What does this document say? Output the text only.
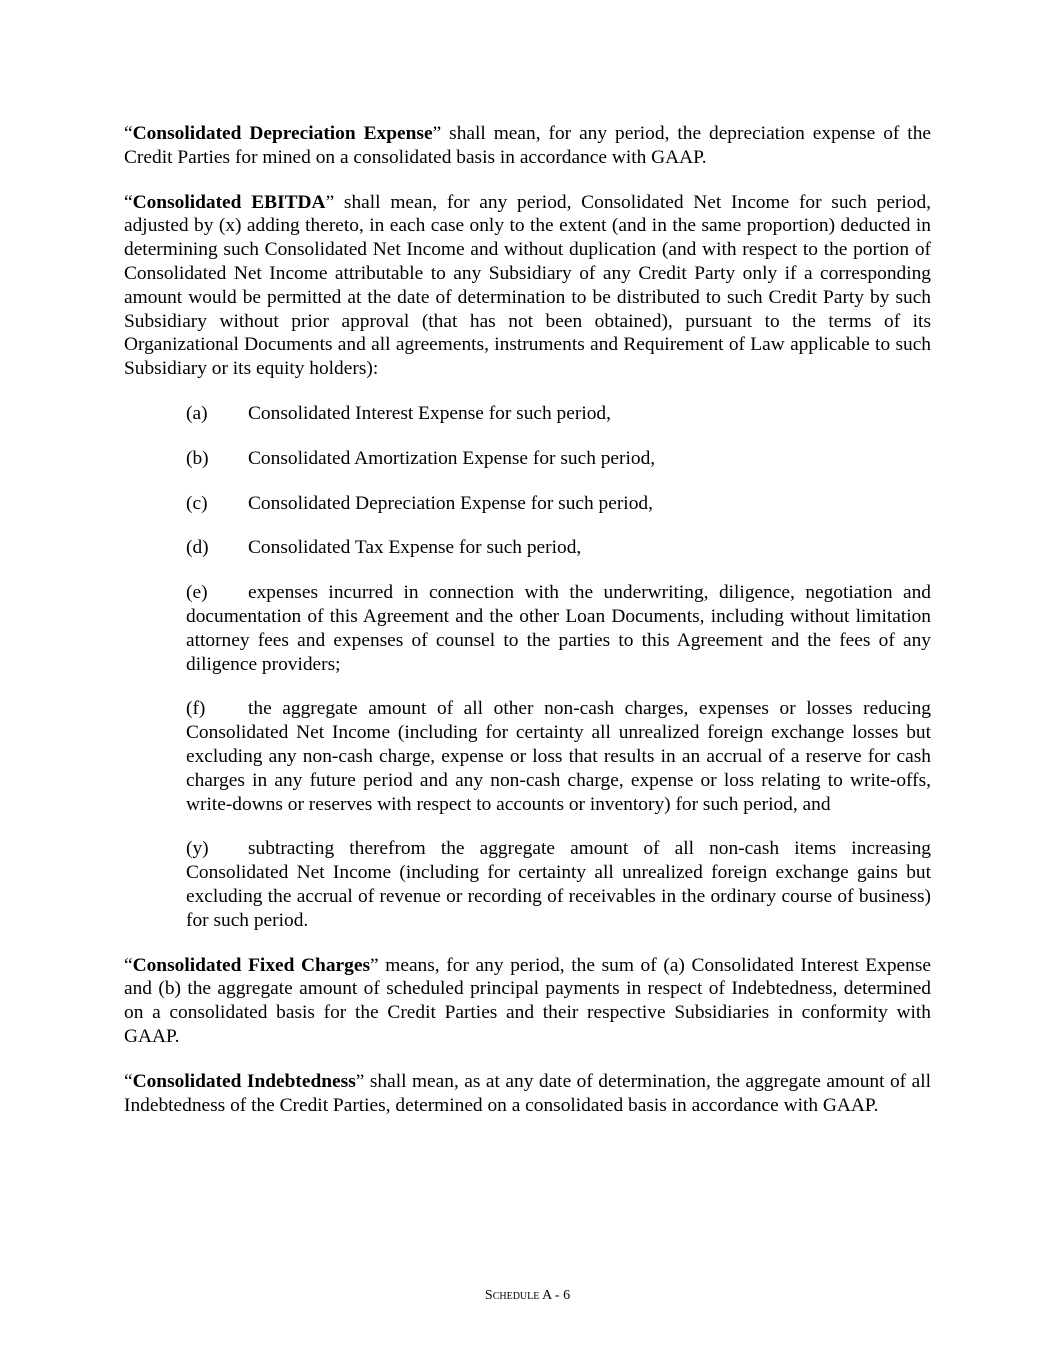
“Consolidated Depreciation Expense” shall mean, for any period, the depreciation expense of the Credit Parties for mined on a consolidated basis in accordance with GAAP.

“Consolidated EBITDA” shall mean, for any period, Consolidated Net Income for such period, adjusted by (x) adding thereto, in each case only to the extent (and in the same proportion) deducted in determining such Consolidated Net Income and without duplication (and with respect to the portion of Consolidated Net Income attributable to any Subsidiary of any Credit Party only if a corresponding amount would be permitted at the date of determination to be distributed to such Credit Party by such Subsidiary without prior approval (that has not been obtained), pursuant to the terms of its Organizational Documents and all agreements, instruments and Requirement of Law applicable to such Subsidiary or its equity holders):

(a) Consolidated Interest Expense for such period,

(b) Consolidated Amortization Expense for such period,

(c) Consolidated Depreciation Expense for such period,

(d) Consolidated Tax Expense for such period,

(e) expenses incurred in connection with the underwriting, diligence, negotiation and documentation of this Agreement and the other Loan Documents, including without limitation attorney fees and expenses of counsel to the parties to this Agreement and the fees of any diligence providers;

(f) the aggregate amount of all other non-cash charges, expenses or losses reducing Consolidated Net Income (including for certainty all unrealized foreign exchange losses but excluding any non-cash charge, expense or loss that results in an accrual of a reserve for cash charges in any future period and any non-cash charge, expense or loss relating to write-offs, write-downs or reserves with respect to accounts or inventory) for such period, and

(y) subtracting therefrom the aggregate amount of all non-cash items increasing Consolidated Net Income (including for certainty all unrealized foreign exchange gains but excluding the accrual of revenue or recording of receivables in the ordinary course of business) for such period.

“Consolidated Fixed Charges” means, for any period, the sum of (a) Consolidated Interest Expense and (b) the aggregate amount of scheduled principal payments in respect of Indebtedness, determined on a consolidated basis for the Credit Parties and their respective Subsidiaries in conformity with GAAP.

“Consolidated Indebtedness” shall mean, as at any date of determination, the aggregate amount of all Indebtedness of the Credit Parties, determined on a consolidated basis in accordance with GAAP.

Schedule A - 6
